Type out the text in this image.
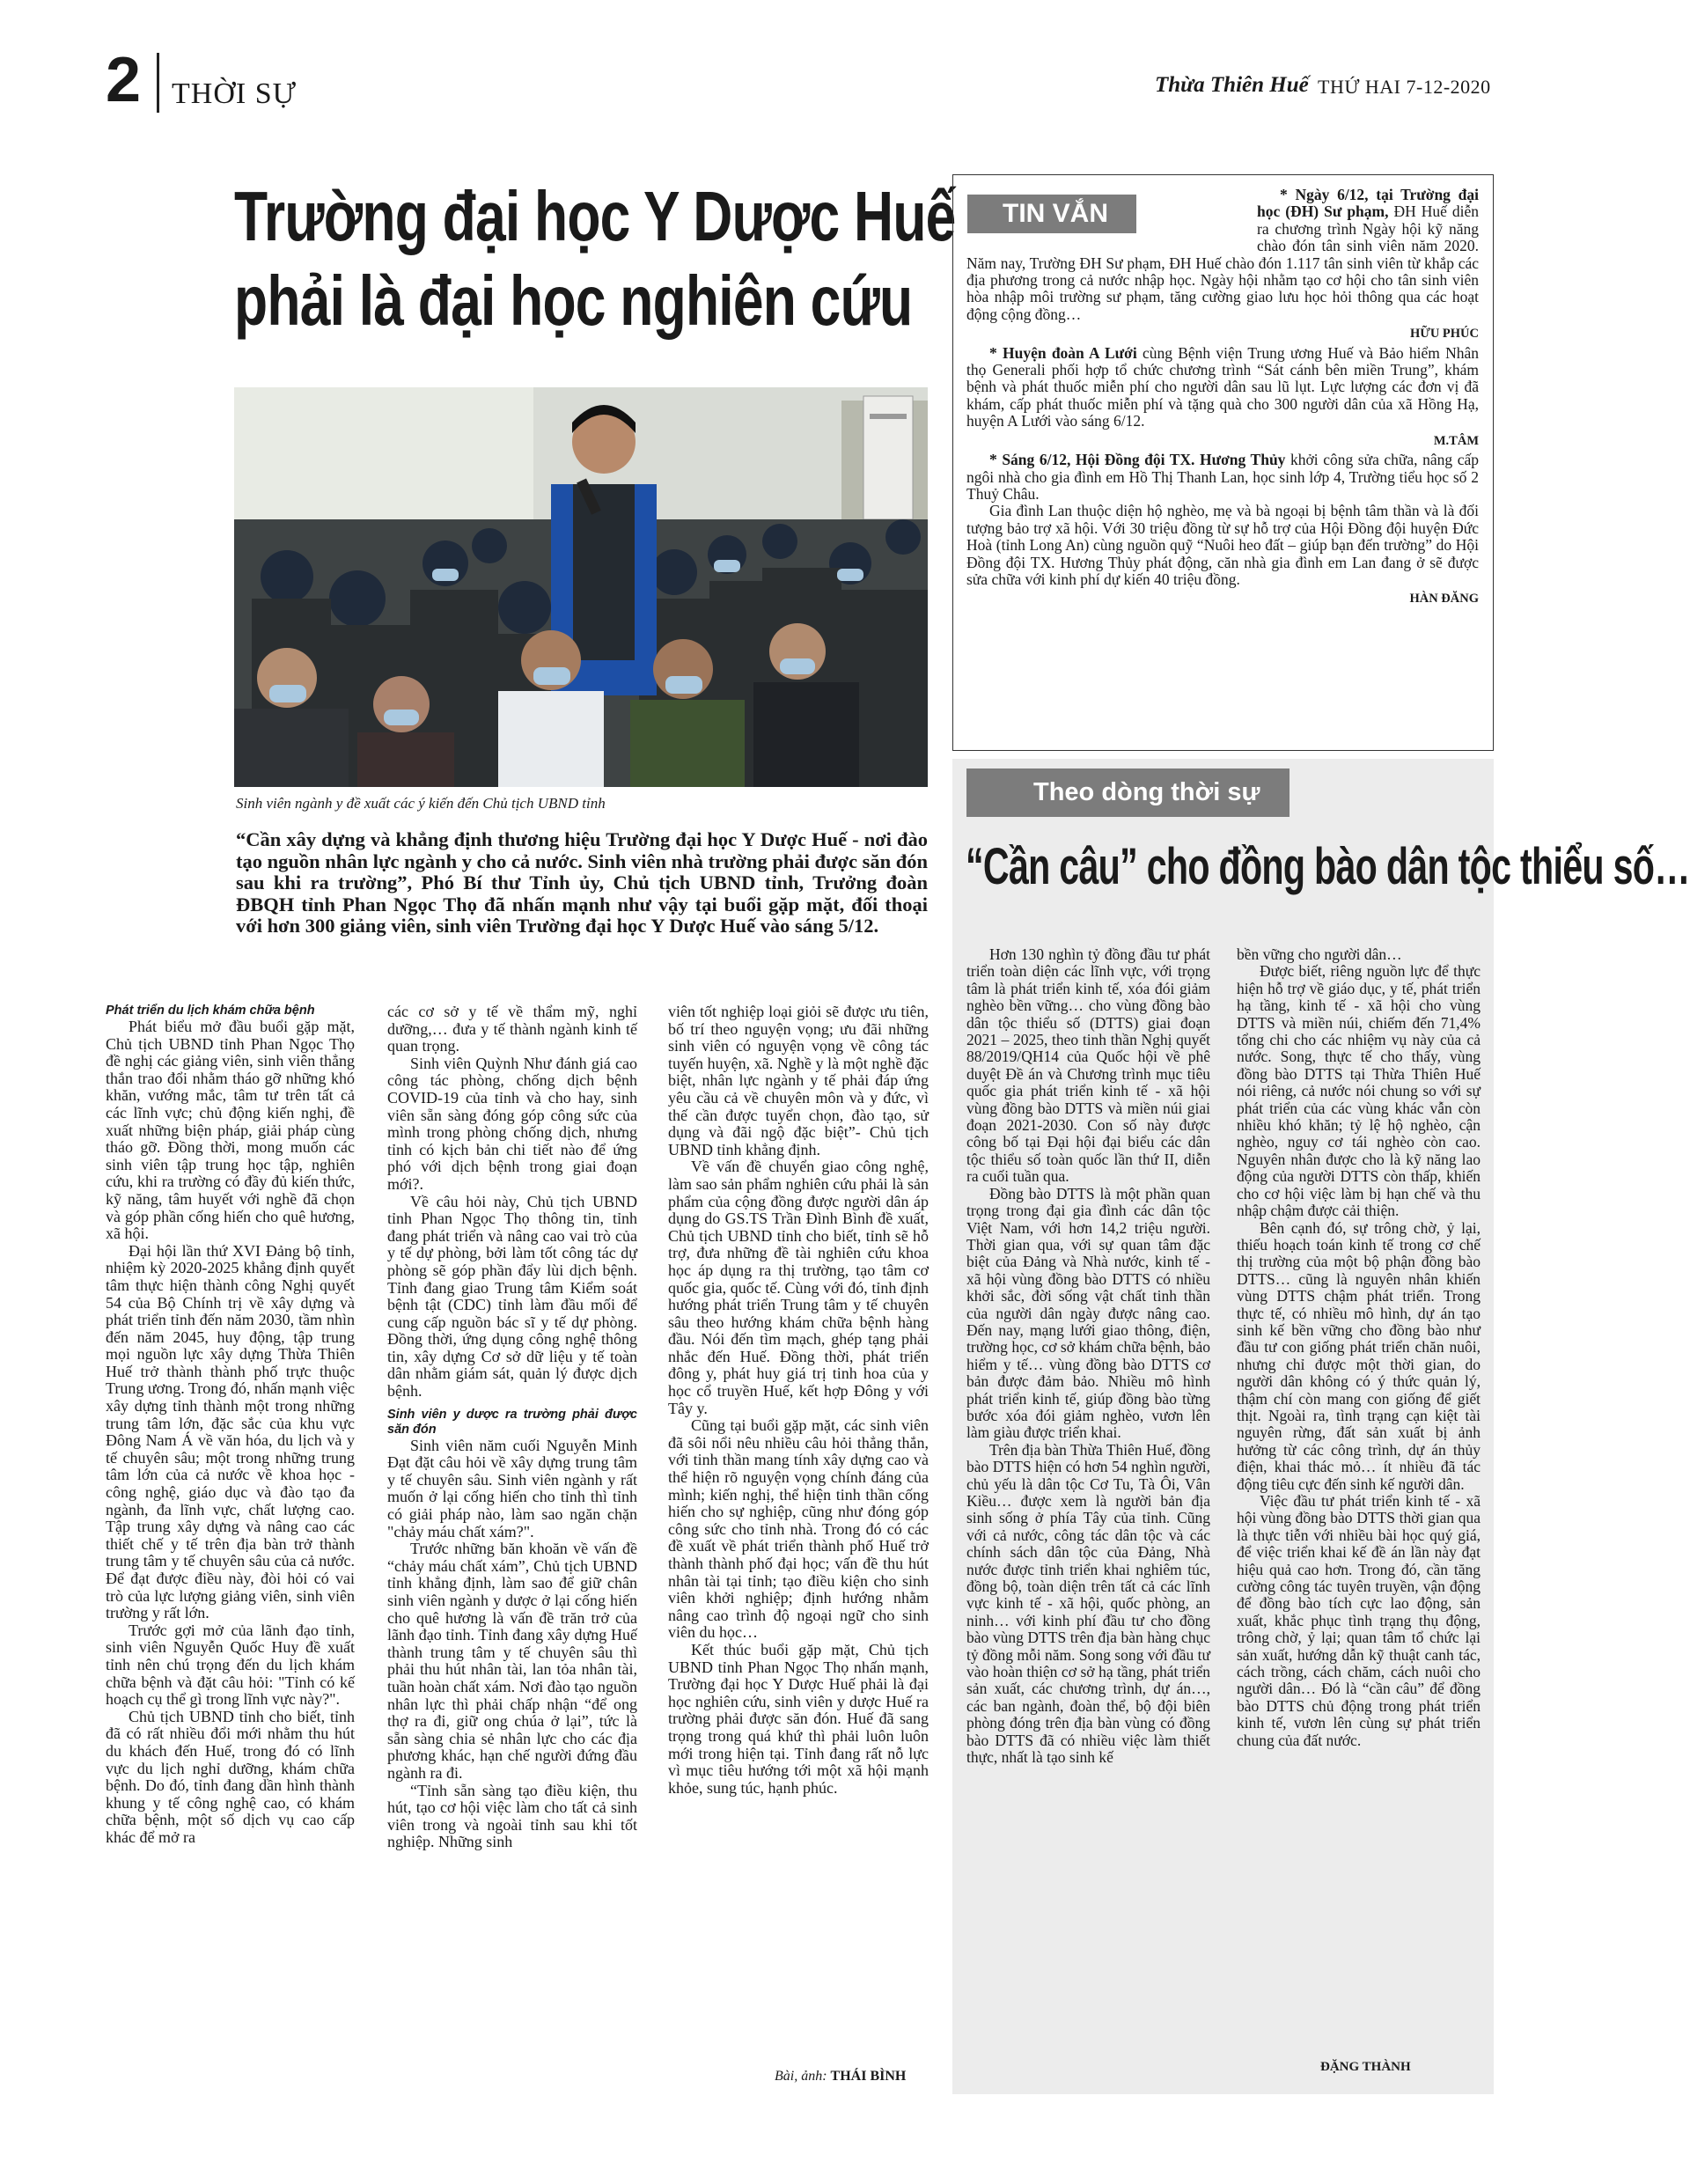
2 THỜI SỰ	Thừa Thiên Huế THỨ HAI 7-12-2020
Trường đại học Y Dược Huế
phải là đại học nghiên cứu
Sinh viên ngành y đề xuất các ý kiến đến Chủ tịch UBND tỉnh
“Cần xây dựng và khẳng định thương hiệu Trường đại học Y Dược Huế - nơi đào tạo nguồn nhân lực ngành y cho cả nước. Sinh viên nhà trường phải được săn đón sau khi ra trường”, Phó Bí thư Tỉnh ủy, Chủ tịch UBND tỉnh, Trưởng đoàn ĐBQH tỉnh Phan Ngọc Thọ đã nhấn mạnh như vậy tại buổi gặp mặt, đối thoại với hơn 300 giảng viên, sinh viên Trường đại học Y Dược Huế vào sáng 5/12.
Phát triển du lịch khám chữa bệnh

Phát biểu mở đầu buổi gặp mặt, Chủ tịch UBND tỉnh Phan Ngọc Thọ đề nghị các giảng viên, sinh viên thẳng thắn trao đổi nhằm tháo gỡ những khó khăn, vướng mắc, tâm tư trên tất cả các lĩnh vực; chủ động kiến nghị, đề xuất những biện pháp, giải pháp cùng tháo gỡ. Đồng thời, mong muốn các sinh viên tập trung học tập, nghiên cứu, khi ra trường có đầy đủ kiến thức, kỹ năng, tâm huyết với nghề đã chọn và góp phần cống hiến cho quê hương, xã hội.

Đại hội lần thứ XVI Đảng bộ tỉnh, nhiệm kỳ 2020-2025 khẳng định quyết tâm thực hiện thành công Nghị quyết 54 của Bộ Chính trị về xây dựng và phát triển tỉnh đến năm 2030, tầm nhìn đến năm 2045, huy động, tập trung mọi nguồn lực xây dựng Thừa Thiên Huế trở thành thành phố trực thuộc Trung ương. Trong đó, nhấn mạnh việc xây dựng tỉnh thành một trong những trung tâm lớn, đặc sắc của khu vực Đông Nam Á về văn hóa, du lịch và y tế chuyên sâu; một trong những trung tâm lớn của cả nước về khoa học - công nghệ, giáo dục và đào tạo đa ngành, đa lĩnh vực, chất lượng cao. Tập trung xây dựng và nâng cao các thiết chế y tế trên địa bàn trở thành trung tâm y tế chuyên sâu của cả nước. Để đạt được điều này, đòi hỏi có vai trò của lực lượng giảng viên, sinh viên trường y rất lớn.

Trước gợi mở của lãnh đạo tỉnh, sinh viên Nguyễn Quốc Huy đề xuất tỉnh nên chú trọng đến du lịch khám chữa bệnh và đặt câu hỏi: "Tỉnh có kế hoạch cụ thể gì trong lĩnh vực này?".

Chủ tịch UBND tỉnh cho biết, tỉnh đã có rất nhiều đổi mới nhằm thu hút du khách đến Huế, trong đó có lĩnh vực du lịch nghỉ dưỡng, khám chữa bệnh. Do đó, tỉnh đang dần hình thành khung y tế công nghệ cao, có khám chữa bệnh, một số dịch vụ cao cấp khác để mở ra

các cơ sở y tế về thẩm mỹ, nghỉ dưỡng,… đưa y tế thành ngành kinh tế quan trọng.

Sinh viên Quỳnh Như đánh giá cao công tác phòng, chống dịch bệnh COVID-19 của tỉnh và cho hay, sinh viên sẵn sàng đóng góp công sức của mình trong phòng chống dịch, nhưng tỉnh có kịch bản chi tiết nào để ứng phó với dịch bệnh trong giai đoạn mới?.

Về câu hỏi này, Chủ tịch UBND tỉnh Phan Ngọc Thọ thông tin, tỉnh đang phát triển và nâng cao vai trò của y tế dự phòng, bởi làm tốt công tác dự phòng sẽ góp phần đẩy lùi dịch bệnh. Tỉnh đang giao Trung tâm Kiểm soát bệnh tật (CDC) tỉnh làm đầu mối để cung cấp nguồn bác sĩ y tế dự phòng. Đồng thời, ứng dụng công nghệ thông tin, xây dựng Cơ sở dữ liệu y tế toàn dân nhằm giám sát, quản lý được dịch bệnh.

Sinh viên y dược ra trường phải được săn đón

Sinh viên năm cuối Nguyễn Minh Đạt đặt câu hỏi về xây dựng trung tâm y tế chuyên sâu. Sinh viên ngành y rất muốn ở lại cống hiến cho tỉnh thì tỉnh có giải pháp nào, làm sao ngăn chặn "chảy máu chất xám?".

Trước những băn khoăn về vấn đề “chảy máu chất xám”, Chủ tịch UBND tỉnh khẳng định, làm sao để giữ chân sinh viên ngành y dược ở lại cống hiến cho quê hương là vấn đề trăn trở của lãnh đạo tỉnh. Tỉnh đang xây dựng Huế thành trung tâm y tế chuyên sâu thì phải thu hút nhân tài, lan tỏa nhân tài, tuần hoàn chất xám. Nơi đào tạo nguồn nhân lực thì phải chấp nhận “để ong thợ ra đi, giữ ong chúa ở lại”, tức là sẵn sàng chia sẻ nhân lực cho các địa phương khác, hạn chế người đứng đầu ngành ra đi.

“Tỉnh sẵn sàng tạo điều kiện, thu hút, tạo cơ hội việc làm cho tất cả sinh viên trong và ngoài tỉnh sau khi tốt nghiệp. Những sinh

viên tốt nghiệp loại giỏi sẽ được ưu tiên, bố trí theo nguyện vọng; ưu đãi những sinh viên có nguyện vọng về công tác tuyến huyện, xã. Nghề y là một nghề đặc biệt, nhân lực ngành y tế phải đáp ứng yêu cầu cả về chuyên môn và y đức, vì thế cần được tuyển chọn, đào tạo, sử dụng và đãi ngộ đặc biệt”- Chủ tịch UBND tỉnh khẳng định.

Về vấn đề chuyển giao công nghệ, làm sao sản phẩm nghiên cứu phải là sản phẩm của cộng đồng được người dân áp dụng do GS.TS Trần Đình Bình đề xuất, Chủ tịch UBND tỉnh cho biết, tỉnh sẽ hỗ trợ, đưa những đề tài nghiên cứu khoa học áp dụng ra thị trường, tạo tâm cơ quốc gia, quốc tế. Cùng với đó, tỉnh định hướng phát triển Trung tâm y tế chuyên sâu theo hướng khám chữa bệnh hàng đầu. Nói đến tìm mạch, ghép tạng phải nhắc đến Huế. Đồng thời, phát triển đông y, phát huy giá trị tinh hoa của y học cổ truyền Huế, kết hợp Đông y với Tây y.

Cũng tại buổi gặp mặt, các sinh viên đã sôi nổi nêu nhiều câu hỏi thẳng thắn, với tinh thần mang tính xây dựng cao và thể hiện rõ nguyện vọng chính đáng của mình; kiến nghị, thể hiện tinh thần cống hiến cho sự nghiệp, cũng như đóng góp công sức cho tỉnh nhà. Trong đó có các đề xuất về phát triển thành phố Huế trở thành thành phố đại học; vấn đề thu hút nhân tài tại tỉnh; tạo điều kiện cho sinh viên khởi nghiệp; định hướng nhằm nâng cao trình độ ngoại ngữ cho sinh viên du học…

Kết thúc buổi gặp mặt, Chủ tịch UBND tỉnh Phan Ngọc Thọ nhấn mạnh, Trường đại học Y Dược Huế phải là đại học nghiên cứu, sinh viên y dược Huế ra trường phải được săn đón. Huế đã sang trọng trong quá khứ thì phải luôn luôn mới trong hiện tại. Tỉnh đang rất nỗ lực vì mục tiêu hướng tới một xã hội mạnh khỏe, sung túc, hạnh phúc.

Bài, ảnh: THÁI BÌNH
TIN VẮN

* Ngày 6/12, tại Trường đại học (ĐH) Sư phạm, ĐH Huế diễn ra chương trình Ngày hội kỹ năng chào đón tân sinh viên năm 2020. Năm nay, Trường ĐH Sư phạm, ĐH Huế chào đón 1.117 tân sinh viên từ khắp các địa phương trong cả nước nhập học. Ngày hội nhằm tạo cơ hội cho tân sinh viên hòa nhập môi trường sư phạm, tăng cường giao lưu học hỏi thông qua các hoạt động cộng đồng…

HỮU PHÚC

* Huyện đoàn A Lưới cùng Bệnh viện Trung ương Huế và Bảo hiểm Nhân thọ Generali phối hợp tổ chức chương trình “Sát cánh bên miền Trung”, khám bệnh và phát thuốc miễn phí cho người dân sau lũ lụt. Lực lượng các đơn vị đã khám, cấp phát thuốc miễn phí và tặng quà cho 300 người dân của xã Hồng Hạ, huyện A Lưới vào sáng 6/12.

M.TÂM

* Sáng 6/12, Hội Đồng đội TX. Hương Thủy khởi công sửa chữa, nâng cấp ngôi nhà cho gia đình em Hồ Thị Thanh Lan, học sinh lớp 4, Trường tiểu học số 2 Thuỷ Châu.

Gia đình Lan thuộc diện hộ nghèo, mẹ và bà ngoại bị bệnh tâm thần và là đối tượng bảo trợ xã hội. Với 30 triệu đồng từ sự hỗ trợ của Hội Đồng đội huyện Đức Hoà (tỉnh Long An) cùng nguồn quỹ “Nuôi heo đất – giúp bạn đến trường” do Hội Đồng đội TX. Hương Thủy phát động, căn nhà gia đình em Lan đang ở sẽ được sửa chữa với kinh phí dự kiến 40 triệu đồng.

HÀN ĐĂNG
Theo dòng thời sự
“Cần câu” cho đồng bào dân tộc thiểu số…

Hơn 130 nghìn tỷ đồng đầu tư phát triển toàn diện các lĩnh vực, với trọng tâm là phát triển kinh tế, xóa đói giảm nghèo bền vững… cho vùng đồng bào dân tộc thiểu số (DTTS) giai đoạn 2021 – 2025, theo tinh thần Nghị quyết 88/2019/QH14 của Quốc hội về phê duyệt Đề án và Chương trình mục tiêu quốc gia phát triển kinh tế - xã hội vùng đồng bào DTTS và miền núi giai đoạn 2021-2030. Con số này được công bố tại Đại hội đại biểu các dân tộc thiểu số toàn quốc lần thứ II, diễn ra cuối tuần qua.

Đồng bào DTTS là một phần quan trọng trong đại gia đình các dân tộc Việt Nam, với hơn 14,2 triệu người. Thời gian qua, với sự quan tâm đặc biệt của Đảng và Nhà nước, kinh tế - xã hội vùng đồng bào DTTS có nhiều khởi sắc, đời sống vật chất tinh thần của người dân ngày được nâng cao. Đến nay, mạng lưới giao thông, điện, trường học, cơ sở khám chữa bệnh, bảo hiểm y tế… vùng đồng bào DTTS cơ bản được đảm bảo. Nhiều mô hình phát triển kinh tế, giúp đồng bào từng bước xóa đói giảm nghèo, vươn lên làm giàu được triển khai.

Trên địa bàn Thừa Thiên Huế, đồng bào DTTS hiện có hơn 54 nghìn người, chủ yếu là dân tộc Cơ Tu, Tà Ôi, Vân Kiều… được xem là người bản địa sinh sống ở phía Tây của tỉnh. Cũng với cả nước, công tác dân tộc và các chính sách dân tộc của Đảng, Nhà nước được tỉnh triển khai nghiêm túc, đồng bộ, toàn diện trên tất cả các lĩnh vực kinh tế - xã hội, quốc phòng, an ninh… với kinh phí đầu tư cho đồng bào vùng DTTS trên địa bàn hàng chục tỷ đồng mỗi năm. Song song với đầu tư vào hoàn thiện cơ sở hạ tầng, phát triển sản xuất, các chương trình, dự án…, các ban ngành, đoàn thể, bộ đội biên phòng đóng trên địa bàn vùng có đồng bào DTTS đã có nhiều việc làm thiết thực, nhất là tạo sinh kế

bền vững cho người dân…

Được biết, riêng nguồn lực để thực hiện hỗ trợ về giáo dục, y tế, phát triển hạ tầng, kinh tế - xã hội cho vùng DTTS và miền núi, chiếm đến 71,4% tổng chi cho các nhiệm vụ này của cả nước. Song, thực tế cho thấy, vùng đồng bào DTTS tại Thừa Thiên Huế nói riêng, cả nước nói chung so với sự phát triển của các vùng khác vẫn còn nhiều khó khăn; tỷ lệ hộ nghèo, cận nghèo, nguy cơ tái nghèo còn cao. Nguyên nhân được cho là kỹ năng lao động của người DTTS còn thấp, khiến cho cơ hội việc làm bị hạn chế và thu nhập chậm được cải thiện.

Bên cạnh đó, sự trông chờ, ỷ lại, thiếu hoạch toán kinh tế trong cơ chế thị trường của một bộ phận đồng bào DTTS… cũng là nguyên nhân khiến vùng DTTS chậm phát triển. Trong thực tế, có nhiều mô hình, dự án tạo sinh kế bền vững cho đồng bào như đầu tư con giống phát triển chăn nuôi, nhưng chỉ được một thời gian, do người dân không có ý thức quản lý, thậm chí còn mang con giống để giết thịt. Ngoài ra, tình trạng cạn kiệt tài nguyên rừng, đất sản xuất bị ảnh hưởng từ các công trình, dự án thủy điện, khai thác mỏ… ít nhiều đã tác động tiêu cực đến sinh kế người dân.

Việc đầu tư phát triển kinh tế - xã hội vùng đồng bào DTTS thời gian qua là thực tiễn với nhiều bài học quý giá, để việc triển khai kế đề án lần này đạt hiệu quả cao hơn. Trong đó, cần tăng cường công tác tuyên truyền, vận động để đồng bào tích cực lao động, sản xuất, khắc phục tình trạng thụ động, trông chờ, ỷ lại; quan tâm tổ chức lại sản xuất, hướng dẫn kỹ thuật canh tác, cách trồng, cách chăm, cách nuôi cho người dân… Đó là “cần câu” để đồng bào DTTS chủ động trong phát triển kinh tế, vươn lên cùng sự phát triển chung của đất nước.

ĐẶNG THÀNH
